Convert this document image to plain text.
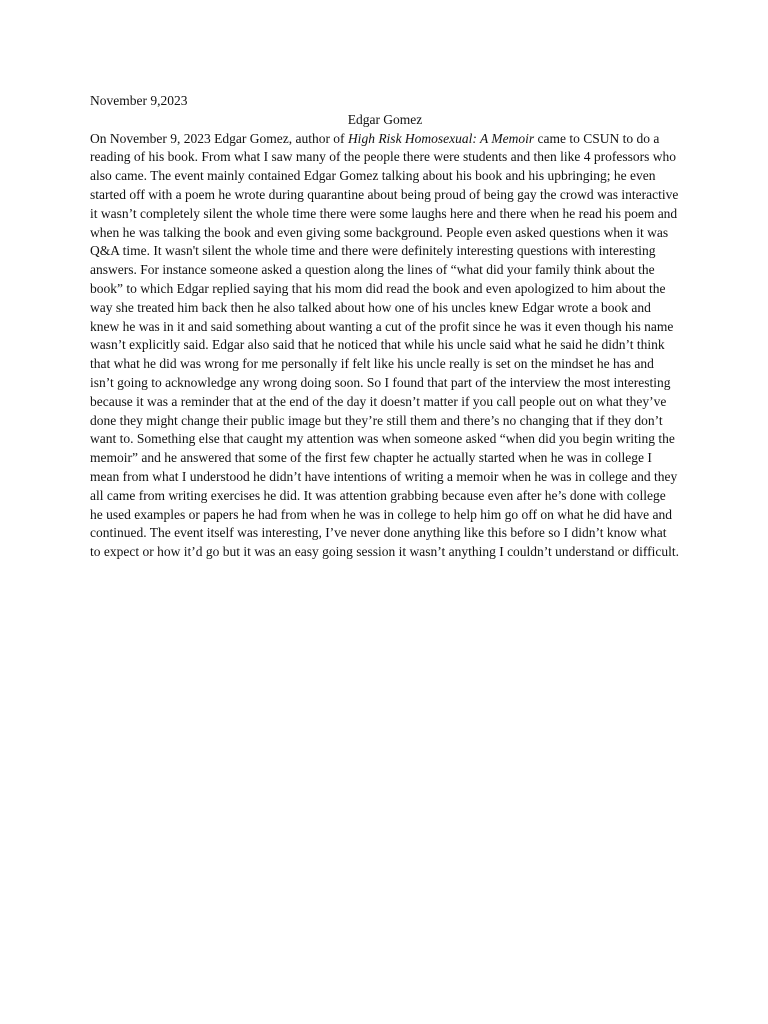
November 9,2023
Edgar Gomez

On November 9, 2023 Edgar Gomez, author of High Risk Homosexual: A Memoir came to CSUN to do a reading of his book. From what I saw many of the people there were students and then like 4 professors who also came. The event mainly contained Edgar Gomez talking about his book and his upbringing; he even started off with a poem he wrote during quarantine about being proud of being gay the crowd was interactive it wasn’t completely silent the whole time there were some laughs here and there when he read his poem and when he was talking the book and even giving some background. People even asked questions when it was Q&A time. It wasn't silent the whole time and there were definitely interesting questions with interesting answers. For instance someone asked a question along the lines of “what did your family think about the book” to which Edgar replied saying that his mom did read the book and even apologized to him about the way she treated him back then he also talked about how one of his uncles knew Edgar wrote a book and knew he was in it and said something about wanting a cut of the profit since he was it even though his name wasn’t explicitly said. Edgar also said that he noticed that while his uncle said what he said he didn’t think that what he did was wrong for me personally if felt like his uncle really is set on the mindset he has and isn’t going to acknowledge any wrong doing soon. So I found that part of the interview the most interesting because it was a reminder that at the end of the day it doesn’t matter if you call people out on what they’ve done they might change their public image but they’re still them and there’s no changing that if they don’t want to. Something else that caught my attention was when someone asked “when did you begin writing the memoir” and he answered that some of the first few chapter he actually started when he was in college I mean from what I understood he didn’t have intentions of writing a memoir when he was in college and they all came from writing exercises he did. It was attention grabbing because even after he’s done with college he used examples or papers he had from when he was in college to help him go off on what he did have and continued. The event itself was interesting, I’ve never done anything like this before so I didn’t know what to expect or how it’d go but it was an easy going session it wasn’t anything I couldn’t understand or difficult.
